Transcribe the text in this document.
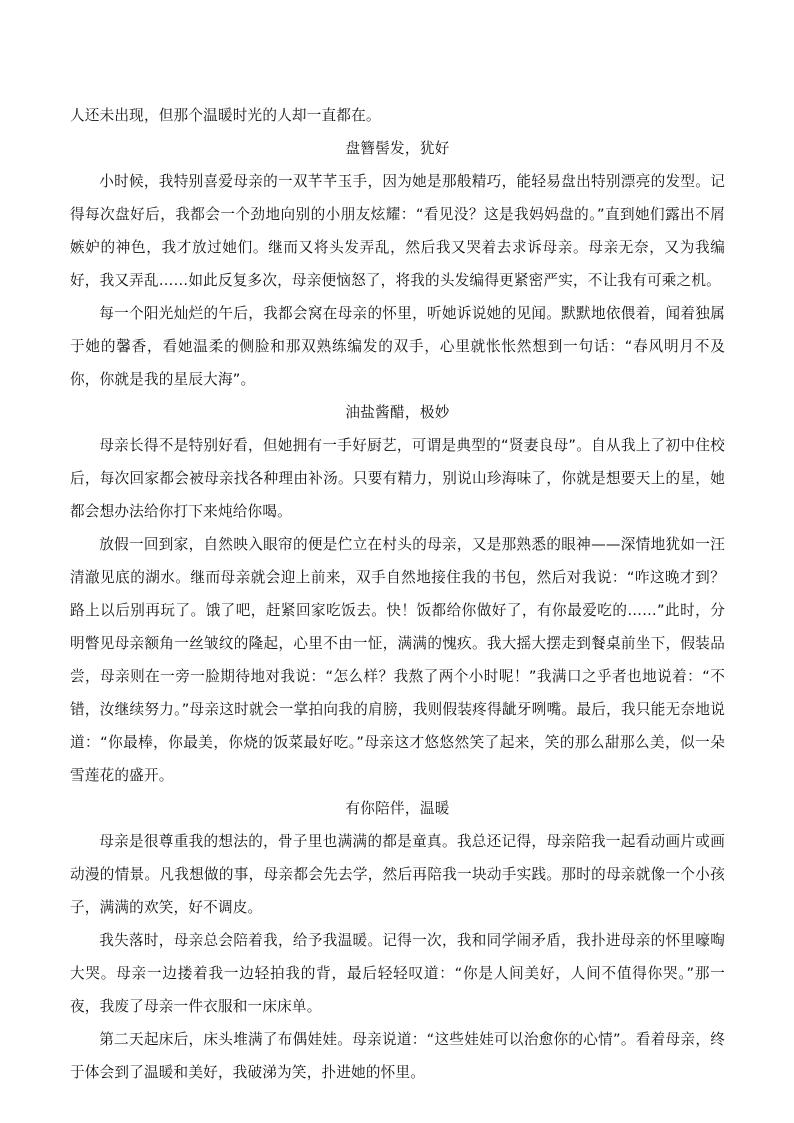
人还未出现，但那个温暖时光的人却一直都在。

盘簪髻发，犹好

小时候，我特别喜爱母亲的一双芊芊玉手，因为她是那般精巧，能轻易盘出特别漂亮的发型。记得每次盘好后，我都会一个劲地向别的小朋友炫耀：“看见没？这是我妈妈盘的。”直到她们露出不屑嫉妒的神色，我才放过她们。继而又将头发弄乱，然后我又哭着去求诉母亲。母亲无奈，又为我编好，我又弄乱……如此反复多次，母亲便恼怒了，将我的头发编得更紧密严实，不让我有可乘之机。

每一个阳光灿烂的午后，我都会窝在母亲的怀里，听她诉说她的见闻。默默地依偎着，闻着独属于她的馨香，看她温柔的侧脸和那双熟练编发的双手，心里就怅怅然想到一句话：“春风明月不及你，你就是我的星辰大海”。

油盐酱醋，极妙

母亲长得不是特别好看，但她拥有一手好厨艺，可谓是典型的“贤妻良母”。自从我上了初中住校后，每次回家都会被母亲找各种理由补汤。只要有精力，别说山珍海味了，你就是想要天上的星，她都会想办法给你打下来炖给你喝。

放假一回到家，自然映入眼帘的便是伫立在村头的母亲，又是那熟悉的眼神——深情地犹如一汪清澈见底的湖水。继而母亲就会迎上前来，双手自然地接住我的书包，然后对我说：“咋这晚才到？路上以后别再玩了。饿了吧，赶紧回家吃饭去。快！饭都给你做好了，有你最爱吃的……”此时，分明瞥见母亲额角一丝皱纹的隆起，心里不由一怔，满满的愧疚。我大摇大摆走到餐桌前坐下，假装品尝，母亲则在一旁一脸期待地对我说：“怎么样？我熬了两个小时呢！”我满口之乎者也地说着：“不错，汝继续努力。”母亲这时就会一掌拍向我的肩膀，我则假装疼得龇牙咧嘴。最后，我只能无奈地说道：“你最棒，你最美，你烧的饭菜最好吃。”母亲这才悠悠然笑了起来，笑的那么甜那么美，似一朵雪莲花的盛开。

有你陪伴，温暖

母亲是很尊重我的想法的，骨子里也满满的都是童真。我总还记得，母亲陪我一起看动画片或画动漫的情景。凡我想做的事，母亲都会先去学，然后再陪我一块动手实践。那时的母亲就像一个小孩子，满满的欢笑，好不调皮。

我失落时，母亲总会陪着我，给予我温暖。记得一次，我和同学闹矛盾，我扑进母亲的怀里嚎啕大哭。母亲一边搂着我一边轻拍我的背，最后轻轻叹道：“你是人间美好，人间不值得你哭。”那一夜，我废了母亲一件衣服和一床床单。

第二天起床后，床头堆满了布偶娃娃。母亲说道：“这些娃娃可以治愈你的心情”。看着母亲，终于体会到了温暖和美好，我破涕为笑，扑进她的怀里。
